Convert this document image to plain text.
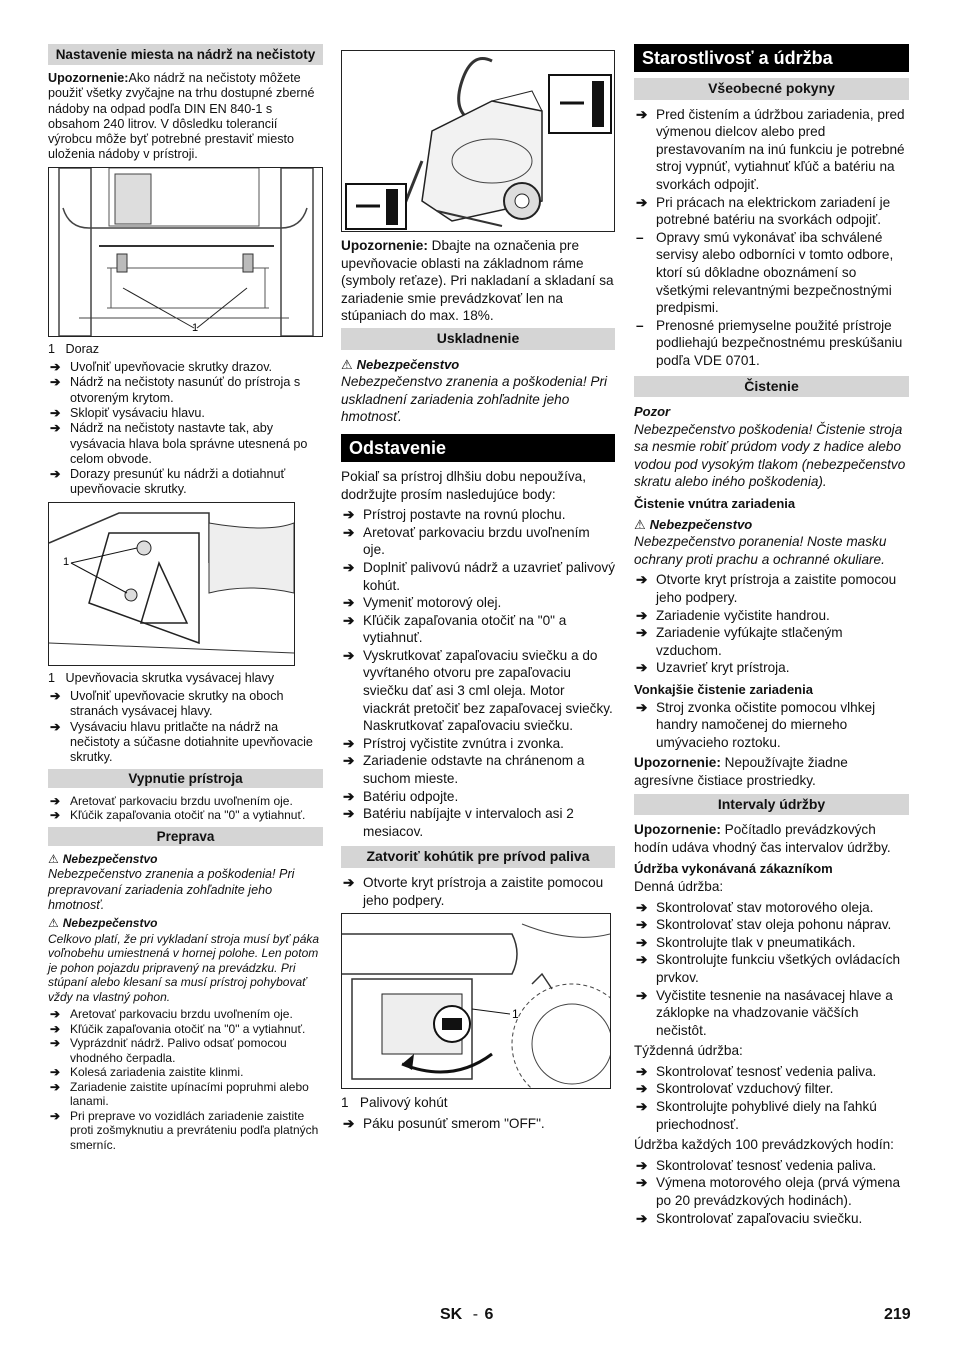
Nastavenie miesta na nádrž na nečistoty

Upozornenie:Ako nádrž na nečistoty môžete použiť všetky zvyčajne na trhu dostupné zberné nádoby na odpad podľa DIN EN 840-1 s obsahom 240 litrov. V dôsledku tolerancií výrobcu môže byť potrebné prestaviť miesto uloženia nádoby v prístroji.

1

1   Doraz

➔ Uvoľniť upevňovacie skrutky drazov.
➔ Nádrž na nečistoty nasunúť do prístroja s otvoreným krytom.
➔ Sklopiť vysávaciu hlavu.
➔ Nádrž na nečistoty nastavte tak, aby vysávacia hlava bola správne utesnená po celom obvode.
➔ Dorazy presunúť ku nádrži a dotiahnuť upevňovacie skrutky.
1

1   Upevňovacia skrutka vysávacej hlavy

➔ Uvoľniť upevňovacie skrutky na oboch stranách vysávacej hlavy.
➔ Vysávaciu hlavu pritlačte na nádrž na nečistoty a súčasne dotiahnite upevňovacie skrutky.
Vypnutie prístroja
➔ Aretovať parkovaciu brzdu uvoľnením oje.
➔ Kľúčik zapaľovania otočiť na "0" a vytiahnuť.
Preprava
⚠ Nebezpečenstvo

Nebezpečenstvo zranenia a poškodenia! Pri prepravovaní zariadenia zohľadnite jeho hmotnosť.

⚠ Nebezpečenstvo

Celkovo platí, že pri vykladaní stroja musí byť páka voľnobehu umiestnená v hornej polohe. Len potom je pohon pojazdu pripravený na prevádzku. Pri stúpaní alebo klesaní sa musí prístroj pohybovať vždy na vlastný pohon.

➔ Aretovať parkovaciu brzdu uvoľnením oje.
➔ Kľúčik zapaľovania otočiť na "0" a vytiahnuť.
➔ Vyprázdniť nádrž. Palivo odsať pomocou vhodného čerpadla.
➔ Kolesá zariadenia zaistite klinmi.
➔ Zariadenie zaistite upínacími popruhmi alebo lanami.
➔ Pri preprave vo vozidlách zariadenie zaistite proti zošmyknutiu a prevráteniu podľa platných smerníc.

Upozornenie: Dbajte na označenia pre upevňovacie oblasti na základnom ráme (symboly reťaze). Pri nakladaní a skladaní sa zariadenie smie prevádzkovať len na stúpaniach do max. 18%.

Uskladnenie
⚠ Nebezpečenstvo

Nebezpečenstvo zranenia a poškodenia! Pri uskladnení zariadenia zohľadnite jeho hmotnosť.

Odstavenie

Pokiaľ sa prístroj dlhšiu dobu nepoužíva, dodržujte prosím nasledujúce body:

➔ Prístroj postavte na rovnú plochu.
➔ Aretovať parkovaciu brzdu uvoľnením oje.
➔ Doplniť palivovú nádrž a uzavrieť palivový kohút.
➔ Vymeniť motorový olej.
➔ Kľúčik zapaľovania otočiť na "0" a vytiahnuť.
➔ Vyskrutkovať zapaľovaciu sviečku a do vyvŕtaného otvoru pre zapaľovaciu sviečku dať asi 3 cml oleja. Motor viackrát pretočiť bez zapaľovacej sviečky. Naskrutkovať zapaľovaciu sviečku.
➔ Prístroj vyčistite zvnútra i zvonka.
➔ Zariadenie odstavte na chránenom a suchom mieste.
➔ Batériu odpojte.
➔ Batériu nabíjajte v intervaloch asi 2 mesiacov.
Zatvoriť kohútik pre prívod paliva
➔ Otvorte kryt prístroja a zaistite pomocou jeho podpery.
1

1   Palivový kohút

➔ Páku posunúť smerom "OFF".
Starostlivosť a údržba
Všeobecné pokyny
➔ Pred čistením a údržbou zariadenia, pred výmenou dielcov alebo pred prestavovaním na inú funkciu je potrebné stroj vypnúť, vytiahnuť kľúč a batériu na svorkách odpojiť.
➔ Pri prácach na elektrickom zariadení je potrebné batériu na svorkách odpojiť.
– Opravy smú vykonávať iba schválené servisy alebo odborníci v tomto odbore, ktorí sú dôkladne oboznámení so všetkými relevantnými bezpečnostnými predpismi.
– Prenosné priemyselne použité prístroje podliehajú bezpečnostnému preskúšaniu podľa VDE 0701.
Čistenie
Pozor

Nebezpečenstvo poškodenia! Čistenie stroja sa nesmie robiť prúdom vody z hadice alebo vodou pod vysokým tlakom (nebezpečenstvo skratu alebo iného poškodenia).

Čistenie vnútra zariadenia
⚠ Nebezpečenstvo

Nebezpečenstvo poranenia! Noste masku ochrany proti prachu a ochranné okuliare.

➔ Otvorte kryt prístroja a zaistite pomocou jeho podpery.
➔ Zariadenie vyčistite handrou.
➔ Zariadenie vyfúkajte stlačeným vzduchom.
➔ Uzavrieť kryt prístroja.
Vonkajšie čistenie zariadenia
➔ Stroj zvonka očistite pomocou vlhkej handry namočenej do mierneho umývacieho roztoku.

Upozornenie: Nepoužívajte žiadne agresívne čistiace prostriedky.

Intervaly údržby

Upozornenie: Počítadlo prevádzkových hodín udáva vhodný čas intervalov údržby.

Údržba vykonávaná zákazníkom

Denná údržba:

➔ Skontrolovať stav motorového oleja.
➔ Skontrolovať stav oleja pohonu náprav.
➔ Skontrolujte tlak v pneumatikách.
➔ Skontrolujte funkciu všetkých ovládacích prvkov.
➔ Vyčistite tesnenie na nasávacej hlave a záklopke na vhadzovanie väčších nečistôt.

Týždenná údržba:

➔ Skontrolovať tesnosť vedenia paliva.
➔ Skontrolovať vzduchový filter.
➔ Skontrolujte pohyblivé diely na ľahkú priechodnosť.

Údržba každých 100 prevádzkových hodín:

➔ Skontrolovať tesnosť vedenia paliva.
➔ Výmena motorového oleja (prvá výmena po 20 prevádzkových hodinách).
➔ Skontrolovať zapaľovaciu sviečku.
SK - 6	219
